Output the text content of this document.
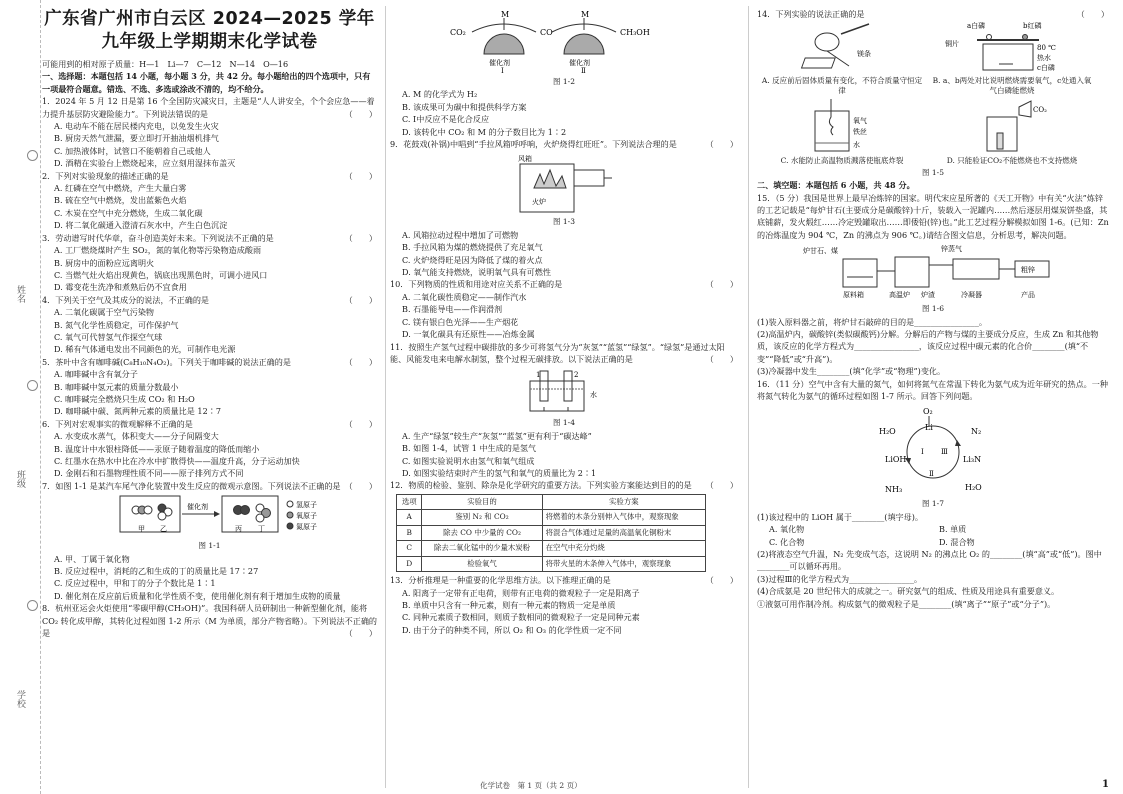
姓名
班级
学校
广东省广州市白云区 2024—2025 学年
九年级上学期期末化学试卷

可能用到的相对原子质量：H—1　Li—7　C—12　N—14　O—16

一、选择题：本题包括 14 小题，每小题 3 分，共 42 分。每小题给出的四个选项中，只有一项最符合题意。错选、不选、多选或涂改不清的，均不给分。

1．2024 年 5 月 12 日是第 16 个全国防灾减灾日，主题是“人人讲安全，个个会应急——着力提升基层防灾避险能力”。下列说法错误的是	（　　）

A. 电动车不能在居民楼内充电，以免发生火灾

B. 厨房天然气泄漏，要立即打开抽油烟机排气

C. 加热液体时，试管口不能朝着自己或他人

D. 酒精在实验台上燃烧起来，应立刻用湿抹布盖灭

2．下列对实验现象的描述正确的是	（　　）

A. 红磷在空气中燃烧，产生大量白雾

B. 硫在空气中燃烧，发出蓝紫色火焰

C. 木炭在空气中充分燃烧，生成二氧化碳

D. 将二氧化碳通入澄清石灰水中，产生白色沉淀

3．劳动谱写时代华章，奋斗创造美好未来。下列说法不正确的是	（　　）

A. 工厂燃烧煤时产生 SO₂，氮的氧化物等污染物造成酸雨

B. 厨房中的面粉应远离明火

C. 当燃气灶火焰出现黄色，锅底出现黑色时，可调小进风口

D. 霉变花生洗净和煮熟后仍不宜食用

4．下列关于空气及其成分的说法，不正确的是	（　　）

A. 二氧化碳属于空气污染物

B. 氮气化学性质稳定，可作保护气

C. 氧气可代替氢气作探空气球

D. 稀有气体通电发出不同颜色的光，可制作电光源

5．茶叶中含有咖啡碱(C₈H₁₀N₄O₂)。下列关于咖啡碱的说法正确的是	（　　）

A. 咖啡碱中含有氧分子

B. 咖啡碱中氢元素的质量分数最小

C. 咖啡碱完全燃烧只生成 CO₂ 和 H₂O

D. 咖啡碱中碳、氮两种元素的质量比是 12∶7

6．下列对宏观事实的微观解释不正确的是	（　　）

A. 水变成水蒸气，体积变大——分子间隔变大

B. 温度计中水银柱降低——汞原子随着温度的降低而缩小

C. 红墨水在热水中比在冷水中扩散得快——温度升高，分子运动加快

D. 金刚石和石墨物理性质不同——原子排列方式不同

7．如图 1-1 是某汽车尾气净化装置中发生反应的微观示意图。下列说法不正确的是 （　　）

甲 乙
催化剂
丙 丁
氢原子
氧原子
氮原子

图 1-1

A. 甲、丁属于氧化物

B. 反应过程中，消耗的乙和生成的丁的质量比是 17∶27

C. 反应过程中，甲和丁的分子个数比是 1∶1

D. 催化剂在反应前后质量和化学性质不变，使用催化剂有利于增加生成物的质量

8．杭州亚运会火炬使用“零碳甲醇(CH₃OH)”。我国科研人员研制出一种新型催化剂，能将 CO₂ 转化成甲醇，其转化过程如图 1-2 所示（M 为单质，部分产物省略）。下列说法不正确的是	（　　）

CO₂
M
CO
M
CH₃OH
催化剂	催化剂
Ⅰ	Ⅱ

图 1-2

A. M 的化学式为 H₂

B. 该成果可为碳中和提供科学方案

C. Ⅰ中反应不是化合反应

D. 该转化中 CO₂ 和 M 的分子数目比为 1∶2

9．花鼓戏(补锅)中唱到“手拉风箱呼呼响，火炉烧得红旺旺”。下列说法合理的是	（　　）

风箱
火炉

图 1-3

A. 风箱拉动过程中增加了可燃物

B. 手拉风箱为煤的燃烧提供了充足氧气

C. 火炉烧得旺是因为降低了煤的着火点

D. 氧气能支持燃烧，说明氧气具有可燃性

10．下列物质的性质和用途对应关系不正确的是	（　　）

A. 二氧化碳性质稳定——制作汽水

B. 石墨能导电——作润滑剂

C. 镁有银白色光泽——生产烟花

D. 一氧化碳具有还原性——冶炼金属

11．按照生产氢气过程中碳排放的多少可将氢气分为“灰氢”“蓝氢”“绿氢”。“绿氢”是通过太阳能、风能发电来电解水制氢，整个过程无碳排放。以下说法正确的是	（　　）

1	2
水

图 1-4

A. 生产“绿氢”较生产“灰氢”“蓝氢”更有利于“碳达峰”

B. 如图 1-4，试管 1 中生成的是氢气

C. 如图实验说明水由氢气和氧气组成

D. 如图实验结束时产生的氢气和氧气的质量比为 2∶1

12．物质的检验、鉴别、除杂是化学研究的重要方法。下列实验方案能达到目的的是 （　　）

选项	实验目的	实验方案
A	鉴别 N₂ 和 CO₂	将燃着的木条分别伸入气体中，观察现象
B	除去 CO 中少量的 CO₂	将混合气体通过足量的高温氧化铜粉末
C	除去二氧化锰中的少量木炭粉	在空气中充分灼烧
D	检验氧气	将带火星的木条伸入气体中，观察现象

13．分析推理是一种重要的化学思维方法。以下推理正确的是	（　　）

A. 阳离子一定带有正电荷，则带有正电荷的微观粒子一定是阳离子

B. 单质中只含有一种元素，则有一种元素的物质一定是单质

C. 同种元素质子数相同，则质子数相同的微观粒子一定是同种元素

D. 由于分子的种类不同，所以 O₂ 和 O₃ 的化学性质一定不同

14．下列实验的说法正确的是	（　　）

镁条
A. 反应前后固体质量有变化，不符合质量守恒定律
a白磷	b红磷
铜片	80 ℃
热水
c白磷
B. a、b两处对比说明燃烧需要氧气，c处通入氧气白磷能燃烧
氧气
铁丝
水
C. 水能防止高温物质溅落使瓶底炸裂
CO₂
D. 只能验证CO₂不能燃烧也不支持燃烧

图 1-5

二、填空题：本题包括 6 小题，共 48 分。

15．（5 分）我国是世界上最早冶炼锌的国家。明代宋应星所著的《天工开物》中有关“火法”炼锌的工艺记载是“每炉甘石(主要成分是碳酸锌)十斤，装载入一泥罐内……然后逐层用煤炭饼垫盛，其底铺薪，发火煅红……冷定毁罐取出……即倭铅(锌)也。”此工艺过程分解模拟如图 1-6。(已知：Zn 的冶炼温度为 904 ℃，Zn 的沸点为 906 ℃。)请结合图文信息，分析思考，解决问题。

炉甘石、煤	锌蒸气
原料箱	高温炉 炉渣	冷凝器
粗锌
产品

图 1-6

(1)装入原料器之前，将炉甘石敲碎的目的是________________。

(2)高温炉内，碳酸锌(类似碳酸钙)分解。分解后的产物与煤的主要成分反应，生成 Zn 和其他物质，该反应的化学方程式为________________，该反应过程中碳元素的化合价________(填“不变”“降低”或“升高”)。

(3)冷凝器中发生________(填“化学”或“物理”)变化。

16．（11 分）空气中含有大量的氮气，如何将氮气在常温下转化为氨气成为近年研究的热点。一种将氮气转化为氨气的循环过程如图 1-7 所示。回答下列问题。

O₂
H₂O	Li	N₂
LiOH	Li₃N
NH₃	H₂O
Ⅰ
Ⅱ
Ⅲ

图 1-7

(1)该过程中的 LiOH 属于________(填字母)。

A. 氧化物	B. 单质
C. 化合物	D. 混合物

(2)将液态空气升温，N₂ 先变成气态，这说明 N₂ 的沸点比 O₂ 的________(填“高”或“低”)。图中________可以循环再用。

(3)过程Ⅲ的化学方程式为________________。

(4)合成氨是 20 世纪伟大的成就之一。研究氨气的组成、性质及用途具有重要意义。

①液氨可用作制冷剂。构成氨气的微观粒子是________(填“离子”“原子”或“分子”)。

化学试卷　第 1 页（共 2 页）	1
